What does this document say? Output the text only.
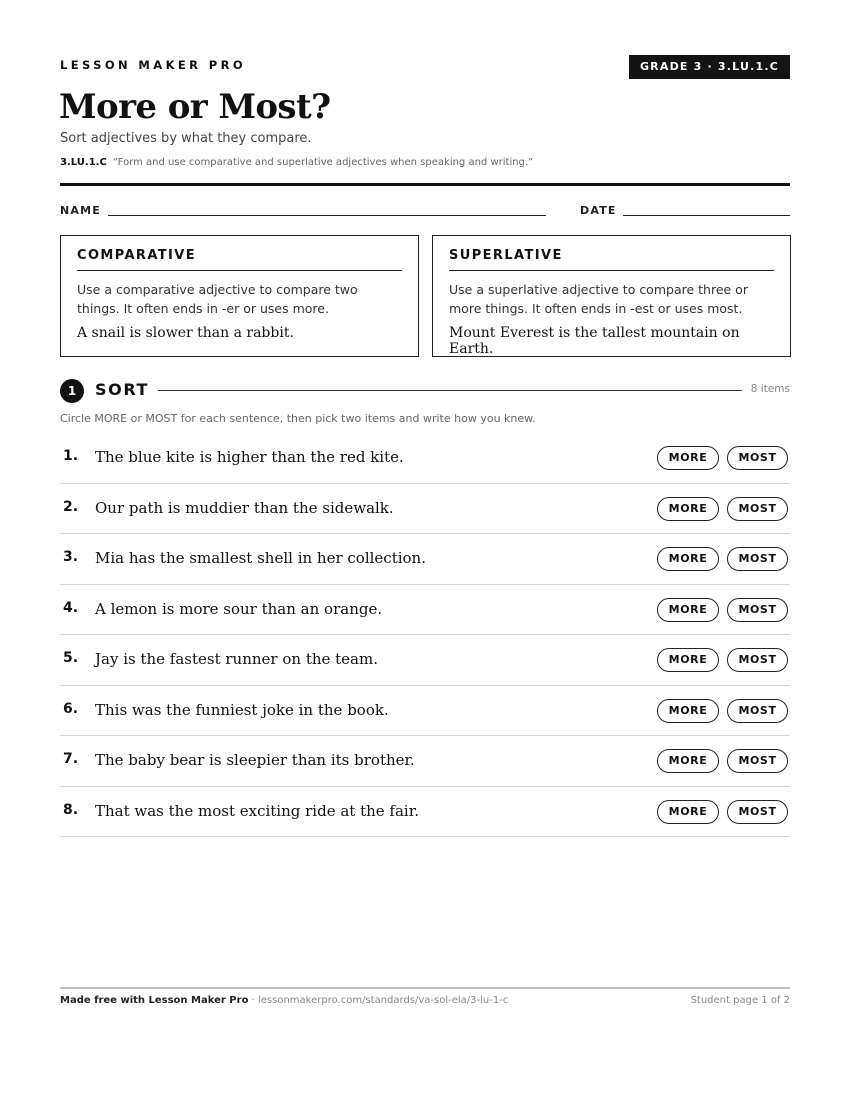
LESSON MAKER PRO	GRADE 3 · 3.LU.1.C
More or Most?
Sort adjectives by what they compare.
3.LU.1.C “Form and use comparative and superlative adjectives when speaking and writing.”
NAME	DATE
COMPARATIVE
Use a comparative adjective to compare two things. It often ends in -er or uses more.
A snail is slower than a rabbit.
SUPERLATIVE
Use a superlative adjective to compare three or more things. It often ends in -est or uses most.
Mount Everest is the tallest mountain on Earth.
1	SORT	8 items
Circle MORE or MOST for each sentence, then pick two items and write how you knew.
1. The blue kite is higher than the red kite.	MORE	MOST
2. Our path is muddier than the sidewalk.	MORE	MOST
3. Mia has the smallest shell in her collection.	MORE	MOST
4. A lemon is more sour than an orange.	MORE	MOST
5. Jay is the fastest runner on the team.	MORE	MOST
6. This was the funniest joke in the book.	MORE	MOST
7. The baby bear is sleepier than its brother.	MORE	MOST
8. That was the most exciting ride at the fair.	MORE	MOST
Made free with Lesson Maker Pro · lessonmakerpro.com/standards/va-sol-ela/3-lu-1-c	Student page 1 of 2
